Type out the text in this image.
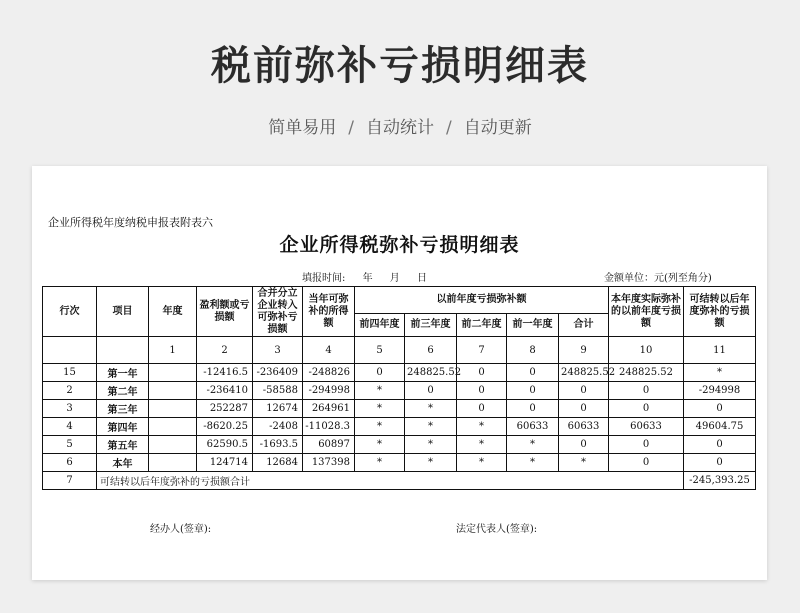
税前弥补亏损明细表
简单易用 / 自动统计 / 自动更新
企业所得税年度纳税申报表附表六
企业所得税弥补亏损明细表
填报时间: 年 月 日	金额单位：元(列至角分)
行次	项目	年度	盈利额或亏损额	合并分立企业转入可弥补亏损额	当年可弥补的所得额	以前年度亏损弥补额					本年度实际弥补的以前年度亏损额	可结转以后年度弥补的亏损额
						前四年度	前三年度	前二年度	前一年度	合计		
		1	2	3	4	5	6	7	8	9	10	11
15	第一年		-12416.5	-236409	-248826	0	248825.52	0	0	248825.52	248825.52	*
2	第二年		-236410	-58588	-294998	*	0	0	0	0	0	-294998
3	第三年		252287	12674	264961	*	*	0	0	0	0	0
4	第四年		-8620.25	-2408	-11028.3	*	*	*	60633	60633	60633	49604.75
5	第五年		62590.5	-1693.5	60897	*	*	*	*	0	0	0
6	本年		124714	12684	137398	*	*	*	*	*	0	0
7	可结转以后年度弥补的亏损额合计											-245,393.25
经办人(签章):	法定代表人(签章):
